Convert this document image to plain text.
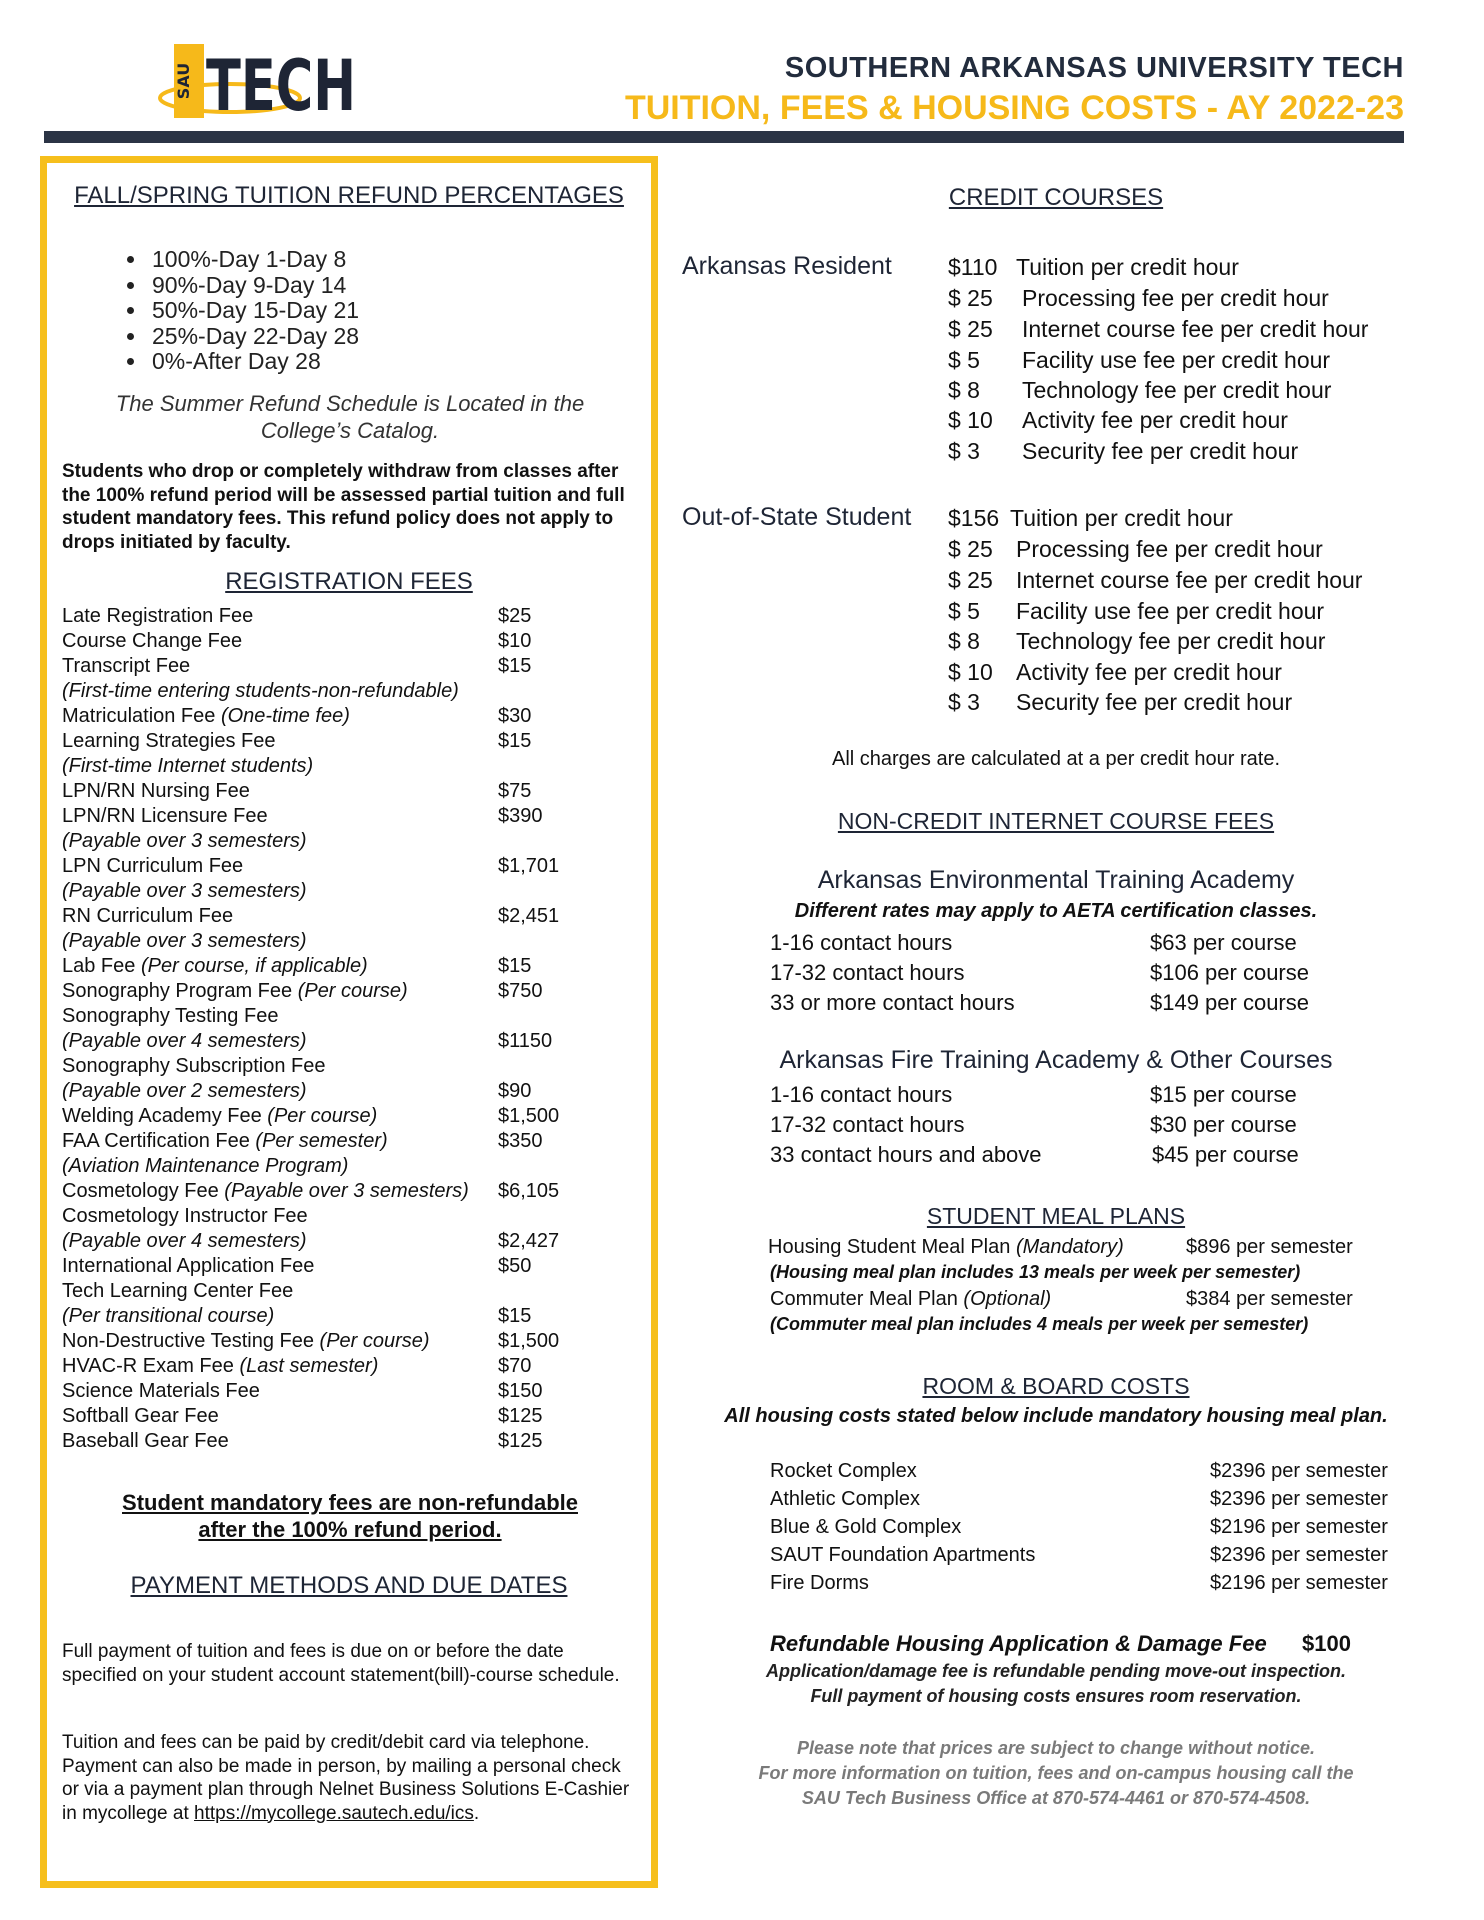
SAU TECH	SOUTHERN ARKANSAS UNIVERSITY TECH
TUITION, FEES & HOUSING COSTS - AY 2022-23
FALL/SPRING TUITION REFUND PERCENTAGES
• 100%-Day 1-Day 8
• 90%-Day 9-Day 14
• 50%-Day 15-Day 21
• 25%-Day 22-Day 28
• 0%-After Day 28
The Summer Refund Schedule is Located in the College’s Catalog.
Students who drop or completely withdraw from classes after the 100% refund period will be assessed partial tuition and full student mandatory fees. This refund policy does not apply to drops initiated by faculty.
REGISTRATION FEES
Late Registration Fee	$25
Course Change Fee	$10
Transcript Fee	$15
(First-time entering students-non-refundable)
Matriculation Fee (One-time fee)	$30
Learning Strategies Fee	$15
(First-time Internet students)
LPN/RN Nursing Fee	$75
LPN/RN Licensure Fee	$390
(Payable over 3 semesters)
LPN Curriculum Fee	$1,701
(Payable over 3 semesters)
RN Curriculum Fee	$2,451
(Payable over 3 semesters)
Lab Fee (Per course, if applicable)	$15
Sonography Program Fee (Per course)	$750
Sonography Testing Fee
(Payable over 4 semesters)	$1150
Sonography Subscription Fee
(Payable over 2 semesters)	$90
Welding Academy Fee (Per course)	$1,500
FAA Certification Fee (Per semester)	$350
(Aviation Maintenance Program)
Cosmetology Fee (Payable over 3 semesters) $6,105
Cosmetology Instructor Fee
(Payable over 4 semesters)	$2,427
International Application Fee	$50
Tech Learning Center Fee
(Per transitional course)	$15
Non-Destructive Testing Fee (Per course)	$1,500
HVAC-R Exam Fee (Last semester)	$70
Science Materials Fee	$150
Softball Gear Fee	$125
Baseball Gear Fee	$125
Student mandatory fees are non-refundable
after the 100% refund period.
PAYMENT METHODS AND DUE DATES
Full payment of tuition and fees is due on or before the date specified on your student account statement(bill)-course schedule.
Tuition and fees can be paid by credit/debit card via telephone. Payment can also be made in person, by mailing a personal check or via a payment plan through Nelnet Business Solutions E-Cashier in mycollege at https://mycollege.sautech.edu/ics.
CREDIT COURSES
Arkansas Resident $110 Tuition per credit hour
$ 25 Processing fee per credit hour
$ 25 Internet course fee per credit hour
$ 5 Facility use fee per credit hour
$ 8 Technology fee per credit hour
$ 10 Activity fee per credit hour
$ 3 Security fee per credit hour
Out-of-State Student $156 Tuition per credit hour
$ 25 Processing fee per credit hour
$ 25 Internet course fee per credit hour
$ 5 Facility use fee per credit hour
$ 8 Technology fee per credit hour
$ 10 Activity fee per credit hour
$ 3 Security fee per credit hour
All charges are calculated at a per credit hour rate.
NON-CREDIT INTERNET COURSE FEES
Arkansas Environmental Training Academy
Different rates may apply to AETA certification classes.
1-16 contact hours	$63 per course
17-32 contact hours	$106 per course
33 or more contact hours	$149 per course
Arkansas Fire Training Academy & Other Courses
1-16 contact hours	$15 per course
17-32 contact hours	$30 per course
33 contact hours and above	$45 per course
STUDENT MEAL PLANS
Housing Student Meal Plan (Mandatory)	$896 per semester
(Housing meal plan includes 13 meals per week per semester)
Commuter Meal Plan (Optional)	$384 per semester
(Commuter meal plan includes 4 meals per week per semester)
ROOM & BOARD COSTS
All housing costs stated below include mandatory housing meal plan.
Rocket Complex	$2396 per semester
Athletic Complex	$2396 per semester
Blue & Gold Complex	$2196 per semester
SAUT Foundation Apartments	$2396 per semester
Fire Dorms	$2196 per semester
Refundable Housing Application & Damage Fee $100
Application/damage fee is refundable pending move-out inspection.
Full payment of housing costs ensures room reservation.
Please note that prices are subject to change without notice.
For more information on tuition, fees and on-campus housing call the
SAU Tech Business Office at 870-574-4461 or 870-574-4508.
